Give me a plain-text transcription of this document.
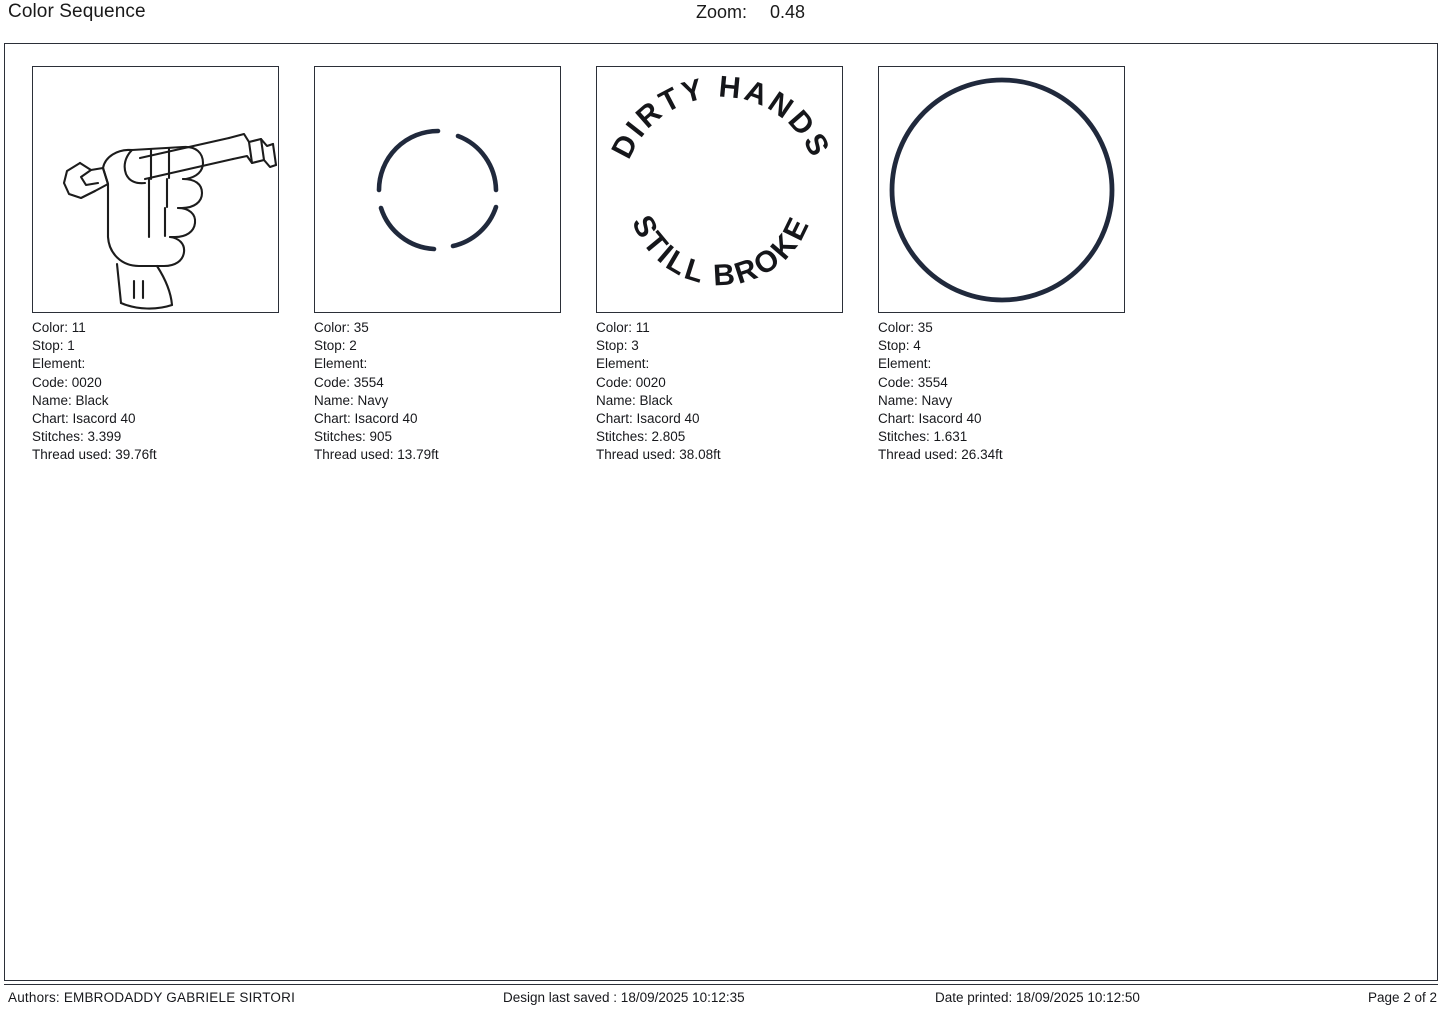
Color Sequence	Zoom: 0.48
Color: 11
Stop: 1
Element:
Code: 0020
Name: Black
Chart: Isacord 40
Stitches: 3.399
Thread used: 39.76ft
Color: 35
Stop: 2
Element:
Code: 3554
Name: Navy
Chart: Isacord 40
Stitches: 905
Thread used: 13.79ft
DIRTY HANDS
STILL BROKE
Color: 11
Stop: 3
Element:
Code: 0020
Name: Black
Chart: Isacord 40
Stitches: 2.805
Thread used: 38.08ft
Color: 35
Stop: 4
Element:
Code: 3554
Name: Navy
Chart: Isacord 40
Stitches: 1.631
Thread used: 26.34ft
Authors: EMBRODADDY GABRIELE SIRTORI	Design last saved : 18/09/2025 10:12:35	Date printed: 18/09/2025 10:12:50	Page 2 of 2
